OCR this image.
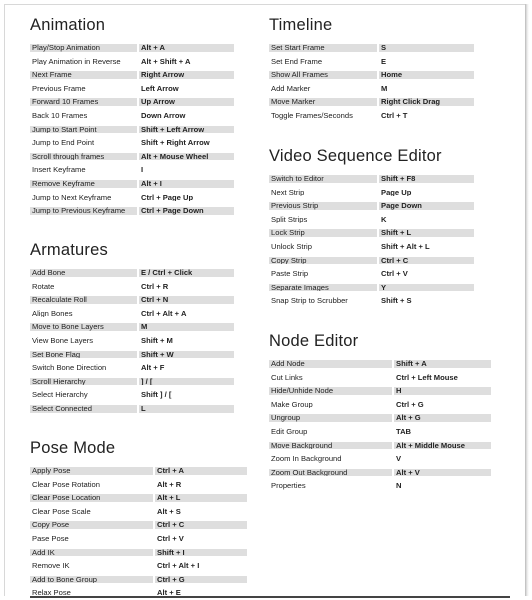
Animation
Play/Stop Animation	Alt + A
Play Animation in Reverse	Alt + Shift + A
Next Frame	Right Arrow
Previous Frame	Left Arrow
Forward 10 Frames	Up Arrow
Back 10 Frames	Down Arrow
Jump to Start Point	Shift + Left Arrow
Jump to End Point	Shift + Right Arrow
Scroll through frames	Alt + Mouse Wheel
Insert Keyframe	I
Remove Keyframe	Alt + I
Jump to Next Keyframe	Ctrl + Page Up
Jump to Previous Keyframe	Ctrl + Page Down
Armatures
Add Bone	E / Ctrl + Click
Rotate	Ctrl + R
Recalculate Roll	Ctrl + N
Align Bones	Ctrl + Alt + A
Move to Bone Layers	M
View Bone Layers	Shift + M
Set Bone Flag	Shift + W
Switch Bone Direction	Alt + F
Scroll Hierarchy	] / [
Select Hierarchy	Shift ] / [
Select Connected	L
Pose Mode
Apply Pose	Ctrl + A
Clear Pose Rotation	Alt + R
Clear Pose Location	Alt + L
Clear Pose Scale	Alt + S
Copy Pose	Ctrl + C
Pase Pose	Ctrl + V
Add IK	Shift + I
Remove IK	Ctrl + Alt + I
Add to Bone Group	Ctrl + G
Relax Pose	Alt + E
Timeline
Set Start Frame	S
Set End Frame	E
Show All Frames	Home
Add Marker	M
Move Marker	Right Click Drag
Toggle Frames/Seconds	Ctrl + T
Video Sequence Editor
Switch to Editor	Shift + F8
Next Strip	Page Up
Previous Strip	Page Down
Split Strips	K
Lock Strip	Shift + L
Unlock Strip	Shift + Alt + L
Copy Strip	Ctrl + C
Paste Strip	Ctrl + V
Separate Images	Y
Snap Strip to Scrubber	Shift + S
Node Editor
Add Node	Shift + A
Cut Links	Ctrl + Left Mouse
Hide/Unhide Node	H
Make Group	Ctrl + G
Ungroup	Alt + G
Edit Group	TAB
Move Background	Alt + Middle Mouse
Zoom In Background	V
Zoom Out Background	Alt + V
Properties	N
